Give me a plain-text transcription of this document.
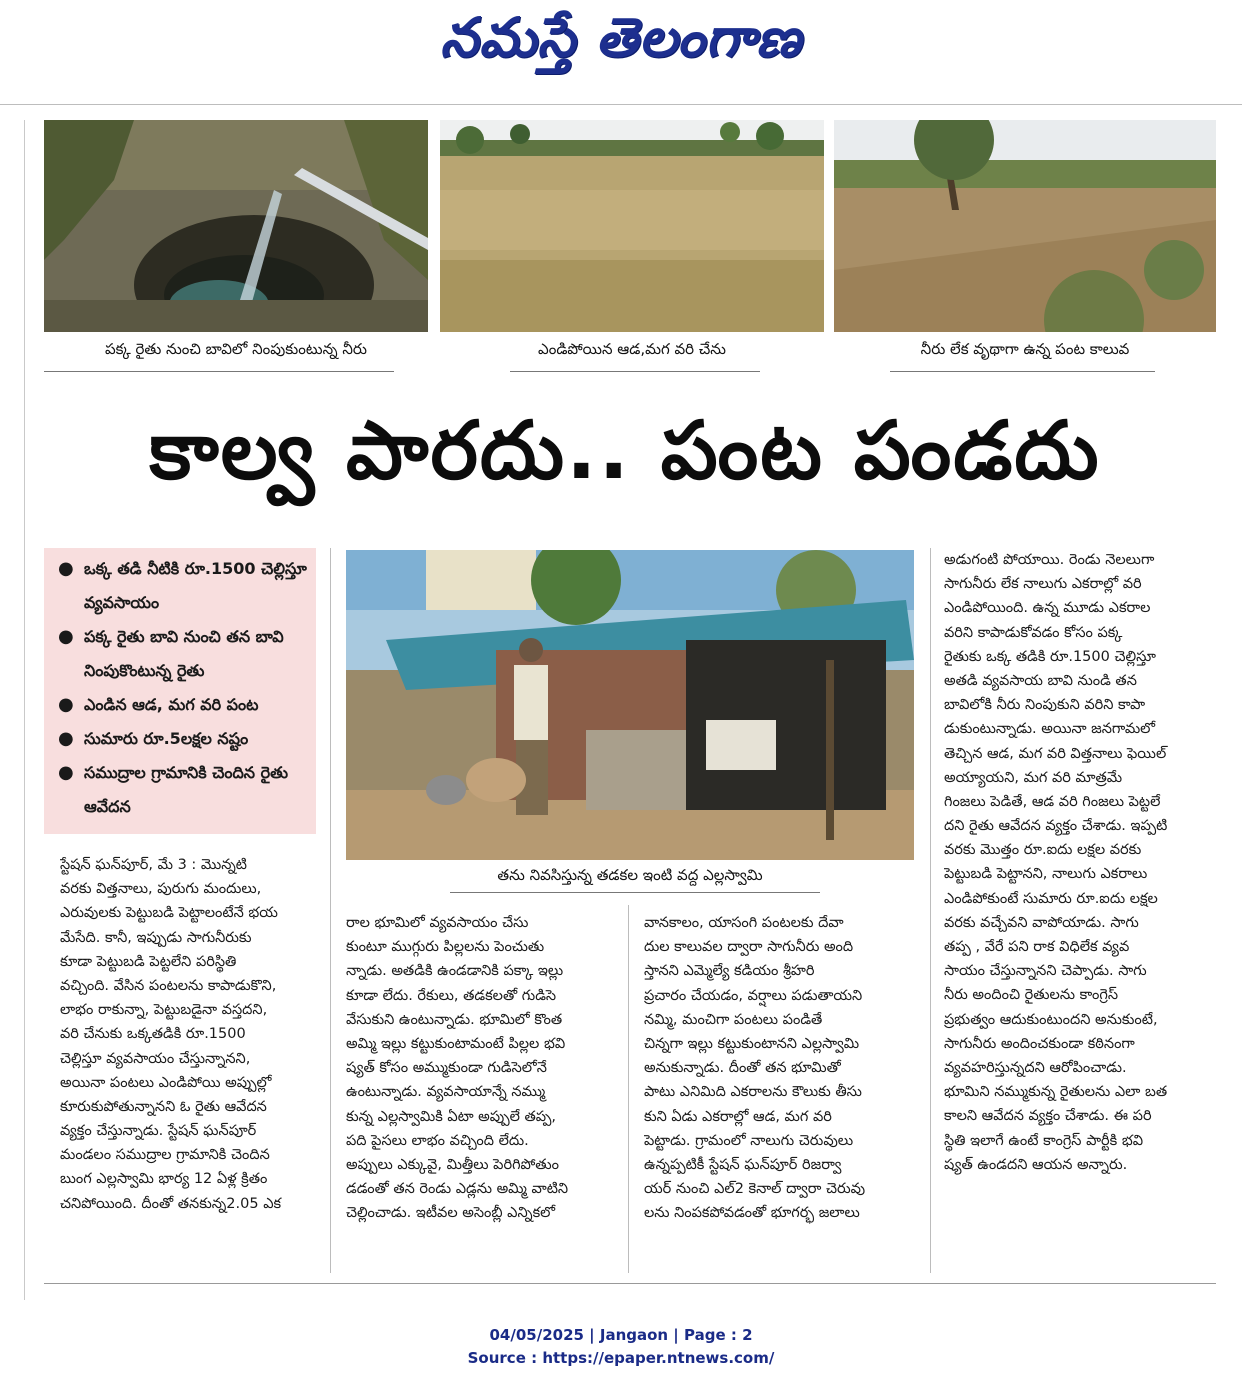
నమస్తే తెలంగాణ
పక్క రైతు నుంచి బావిలో నింపుకుంటున్న నీరు	ఎండిపోయిన ఆడ,మగ వరి చేను	నీరు లేక వృథాగా ఉన్న పంట కాలువ
కాల్వ పారదు.. పంట పండదు
● ఒక్క తడి నీటికి రూ.1500 చెల్లిస్తూ వ్యవసాయం
● పక్క రైతు బావి నుంచి తన బావి నింపుకొంటున్న రైతు
● ఎండిన ఆడ, మగ వరి పంట
● సుమారు రూ.5లక్షల నష్టం
● సముద్రాల గ్రామానికి చెందిన రైతు ఆవేదన
తను నివసిస్తున్న తడకల ఇంటి వద్ద ఎల్లస్వామి
స్టేషన్ ఘన్‌పూర్, మే 3 : మొన్నటి
వరకు విత్తనాలు, పురుగు మందులు,
ఎరువులకు పెట్టుబడి పెట్టాలంటేనే భయ
మేసేది. కానీ, ఇప్పుడు సాగునీరుకు
కూడా పెట్టుబడి పెట్టలేని పరిస్థితి
వచ్చింది. వేసిన పంటలను కాపాడుకొని,
లాభం రాకున్నా, పెట్టుబడైనా వస్తదని,
వరి చేనుకు ఒక్కతడికి రూ.1500
చెల్లిస్తూ వ్యవసాయం చేస్తున్నానని,
అయినా పంటలు ఎండిపోయి అప్పుల్లో
కూరుకుపోతున్నానని ఓ రైతు ఆవేదన
వ్యక్తం చేస్తున్నాడు. స్టేషన్ ఘన్‌పూర్
మండలం సముద్రాల గ్రామానికి చెందిన
బుంగ ఎల్లస్వామి భార్య 12 ఏళ్ల క్రితం
చనిపోయింది. దీంతో తనకున్న2.05 ఎక
రాల భూమిలో వ్యవసాయం చేసు
కుంటూ ముగ్గురు పిల్లలను పెంచుతు
న్నాడు. అతడికి ఉండడానికి పక్కా ఇల్లు
కూడా లేదు. రేకులు, తడకలతో గుడిసె
వేసుకుని ఉంటున్నాడు. భూమిలో కొంత
అమ్మి ఇల్లు కట్టుకుంటామంటే పిల్లల భవి
ష్యత్ కోసం అమ్ముకుండా గుడిసెలోనే
ఉంటున్నాడు. వ్యవసాయాన్నే నమ్ము
కున్న ఎల్లస్వామికి ఏటా అప్పులే తప్ప,
పది పైసలు లాభం వచ్చింది లేదు.
అప్పులు ఎక్కువై, మిత్తీలు పెరిగిపోతుం
డడంతో తన రెండు ఎడ్లను అమ్మి వాటిని
చెల్లించాడు. ఇటీవల అసెంబ్లీ ఎన్నికలో
వానకాలం, యాసంగి పంటలకు దేవా
దుల కాలువల ద్వారా సాగునీరు అంది
స్తానని ఎమ్మెల్యే కడియం శ్రీహరి
ప్రచారం చేయడం, వర్షాలు పడుతాయని
నమ్మి, మంచిగా పంటలు పండితే
చిన్నగా ఇల్లు కట్టుకుంటానని ఎల్లస్వామి
అనుకున్నాడు. దీంతో తన భూమితో
పాటు ఎనిమిది ఎకరాలను కౌలుకు తీసు
కుని ఏడు ఎకరాల్లో ఆడ, మగ వరి
పెట్టాడు. గ్రామంలో నాలుగు చెరువులు
ఉన్నప్పటికీ స్టేషన్ ఘన్‌పూర్ రిజర్వా
యర్ నుంచి ఎల్2 కెనాల్ ద్వారా చెరువు
లను నింపకపోవడంతో భూగర్భ జలాలు
అడుగంటి పోయాయి. రెండు నెలలుగా
సాగునీరు లేక నాలుగు ఎకరాల్లో వరి
ఎండిపోయింది. ఉన్న మూడు ఎకరాల
వరిని కాపాడుకోవడం కోసం పక్క
రైతుకు ఒక్క తడికి రూ.1500 చెల్లిస్తూ
అతడి వ్యవసాయ బావి నుండి తన
బావిలోకి నీరు నింపుకుని వరిని కాపా
డుకుంటున్నాడు. అయినా జనగామలో
తెచ్చిన ఆడ, మగ వరి విత్తనాలు ఫెయిల్
అయ్యాయని, మగ వరి మాత్రమే
గింజలు పెడితే, ఆడ వరి గింజలు పెట్టలే
దని రైతు ఆవేదన వ్యక్తం చేశాడు. ఇప్పటి
వరకు మొత్తం రూ.ఐదు లక్షల వరకు
పెట్టుబడి పెట్టానని, నాలుగు ఎకరాలు
ఎండిపోకుంటే సుమారు రూ.ఐదు లక్షల
వరకు వచ్చేవని వాపోయాడు. సాగు
తప్ప , వేరే పని రాక విధిలేక వ్యవ
సాయం చేస్తున్నానని చెప్పాడు. సాగు
నీరు అందించి రైతులను కాంగ్రెస్
ప్రభుత్వం ఆదుకుంటుందని అనుకుంటే,
సాగునీరు అందించకుండా కఠినంగా
వ్యవహరిస్తున్నదని ఆరోపించాడు.
భూమిని నమ్ముకున్న రైతులను ఎలా బత
కాలని ఆవేదన వ్యక్తం చేశాడు. ఈ పరి
స్థితి ఇలాగే ఉంటే కాంగ్రెస్ పార్టీకి భవి
ష్యత్ ఉండదని ఆయన అన్నారు.
04/05/2025 | Jangaon | Page : 2
Source : https://epaper.ntnews.com/
